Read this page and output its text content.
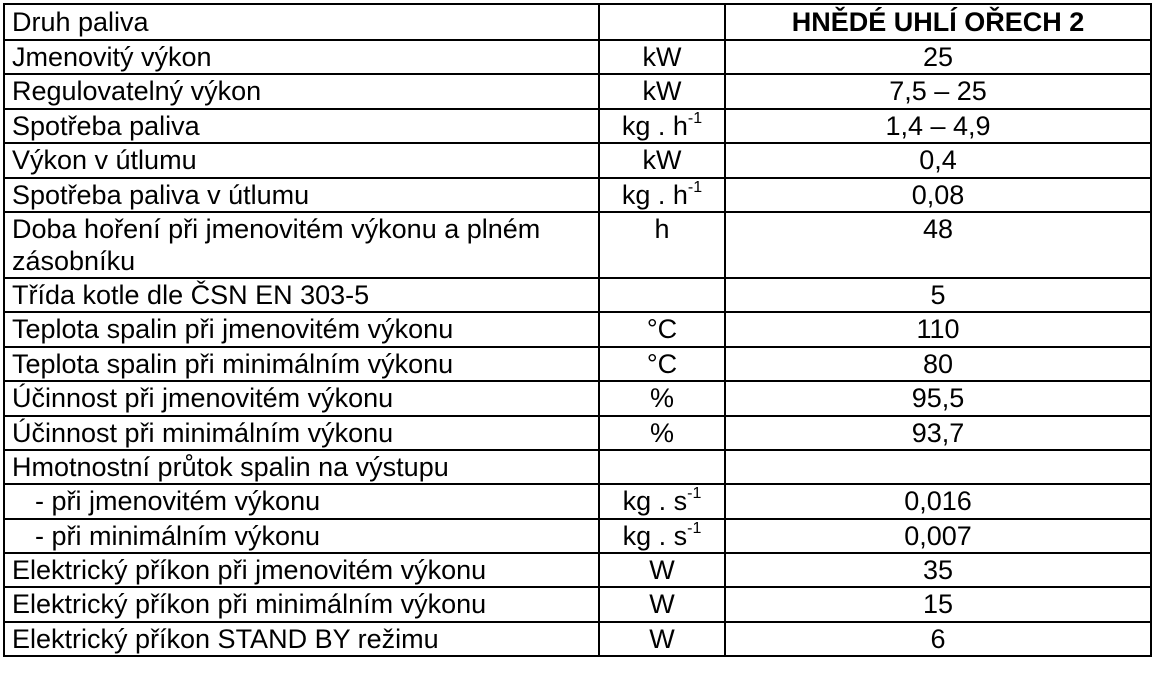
Druh paliva		HNĚDÉ UHLÍ OŘECH 2
Jmenovitý výkon	kW	25
Regulovatelný výkon	kW	7,5 – 25
Spotřeba paliva	kg . $h^{-1}$	1,4 – 4,9
Výkon v útlumu	kW	0,4
Spotřeba paliva v útlumu	kg . $h^{-1}$	0,08
Doba hoření při jmenovitém výkonu a plném zásobníku	h	48
Třída kotle dle ČSN EN 303-5		5
Teplota spalin při jmenovitém výkonu	°C	110
Teplota spalin při minimálním výkonu	°C	80
Účinnost při jmenovitém výkonu	%	95,5
Účinnost při minimálním výkonu	%	93,7
Hmotnostní průtok spalin na výstupu		
- při jmenovitém výkonu	kg . $s^{-1}$	0,016
- při minimálním výkonu	kg . $s^{-1}$	0,007
Elektrický příkon při jmenovitém výkonu	W	35
Elektrický příkon při minimálním výkonu	W	15
Elektrický příkon STAND BY režimu	W	6
